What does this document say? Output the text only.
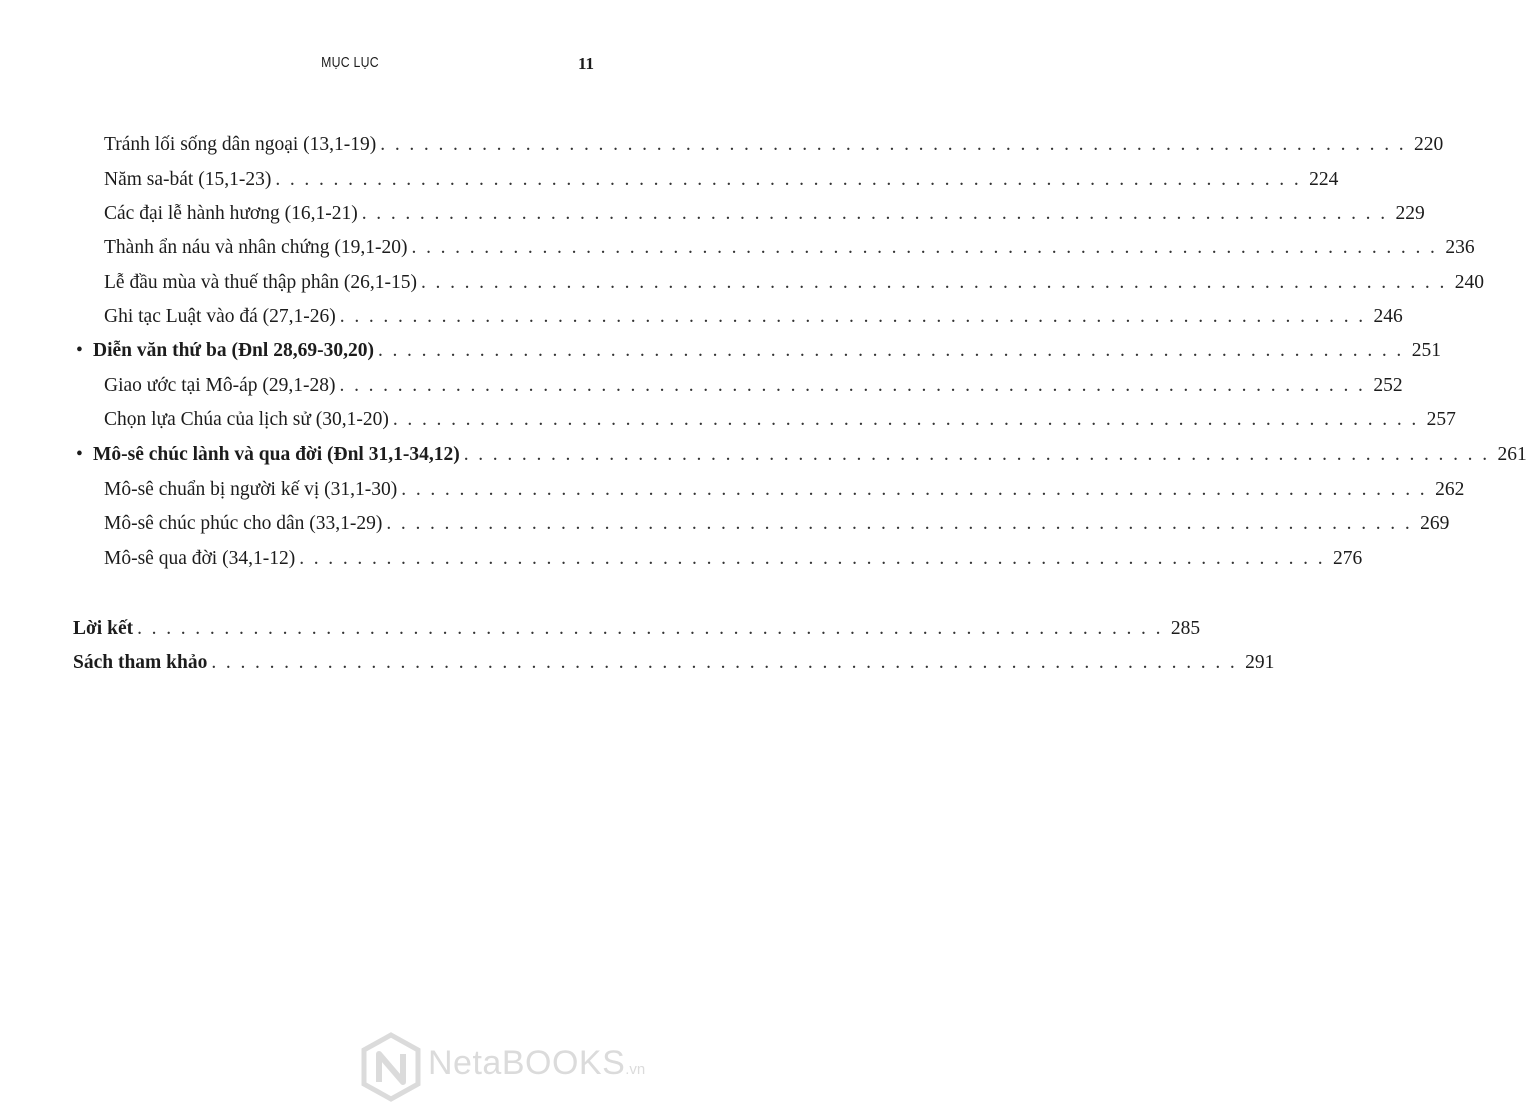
MỤC LỤC	11
Tránh lối sống dân ngoại (13,1-19) . . . . . . . . . . . . . . . . . . . . . . . . . . . . . . . . . . . . . . . . . . . . . . . . . . . . . . . . . . . . . . . . . . . . . . . 220
Năm sa-bát (15,1-23) . . . . . . . . . . . . . . . . . . . . . . . . . . . . . . . . . . . . . . . . . . . . . . . . . . . . . . . . . . . . . . . . . . . . . . . 224
Các đại lễ hành hương (16,1-21) . . . . . . . . . . . . . . . . . . . . . . . . . . . . . . . . . . . . . . . . . . . . . . . . . . . . . . . . . . . . . . . . . . . . . . . 229
Thành ẩn náu và nhân chứng (19,1-20) . . . . . . . . . . . . . . . . . . . . . . . . . . . . . . . . . . . . . . . . . . . . . . . . . . . . . . . . . . . . . . . . . . . . . . . 236
Lễ đầu mùa và thuế thập phân (26,1-15) . . . . . . . . . . . . . . . . . . . . . . . . . . . . . . . . . . . . . . . . . . . . . . . . . . . . . . . . . . . . . . . . . . . . . . . 240
Ghi tạc Luật vào đá (27,1-26) . . . . . . . . . . . . . . . . . . . . . . . . . . . . . . . . . . . . . . . . . . . . . . . . . . . . . . . . . . . . . . . . . . . . . . . 246
• Diễn văn thứ ba (Đnl 28,69-30,20) . . . . . . . . . . . . . . . . . . . . . . . . . . . . . . . . . . . . . . . . . . . . . . . . . . . . . . . . . . . . . . . . . . . . . . . 251
Giao ước tại Mô-áp (29,1-28) . . . . . . . . . . . . . . . . . . . . . . . . . . . . . . . . . . . . . . . . . . . . . . . . . . . . . . . . . . . . . . . . . . . . . . . 252
Chọn lựa Chúa của lịch sử (30,1-20) . . . . . . . . . . . . . . . . . . . . . . . . . . . . . . . . . . . . . . . . . . . . . . . . . . . . . . . . . . . . . . . . . . . . . . . 257
• Mô-sê chúc lành và qua đời (Đnl 31,1-34,12) . . . . . . . . . . . . . . . . . . . . . . . . . . . . . . . . . . . . . . . . . . . . . . . . . . . . . . . . . . . . . . . . . . . . . . . 261
Mô-sê chuẩn bị người kế vị (31,1-30) . . . . . . . . . . . . . . . . . . . . . . . . . . . . . . . . . . . . . . . . . . . . . . . . . . . . . . . . . . . . . . . . . . . . . . . 262
Mô-sê chúc phúc cho dân (33,1-29) . . . . . . . . . . . . . . . . . . . . . . . . . . . . . . . . . . . . . . . . . . . . . . . . . . . . . . . . . . . . . . . . . . . . . . . 269
Mô-sê qua đời (34,1-12) . . . . . . . . . . . . . . . . . . . . . . . . . . . . . . . . . . . . . . . . . . . . . . . . . . . . . . . . . . . . . . . . . . . . . . . 276
Lời kết . . . . . . . . . . . . . . . . . . . . . . . . . . . . . . . . . . . . . . . . . . . . . . . . . . . . . . . . . . . . . . . . . . . . . . . 285
Sách tham khảo . . . . . . . . . . . . . . . . . . . . . . . . . . . . . . . . . . . . . . . . . . . . . . . . . . . . . . . . . . . . . . . . . . . . . . . 291
NetaBOOKS.vn
